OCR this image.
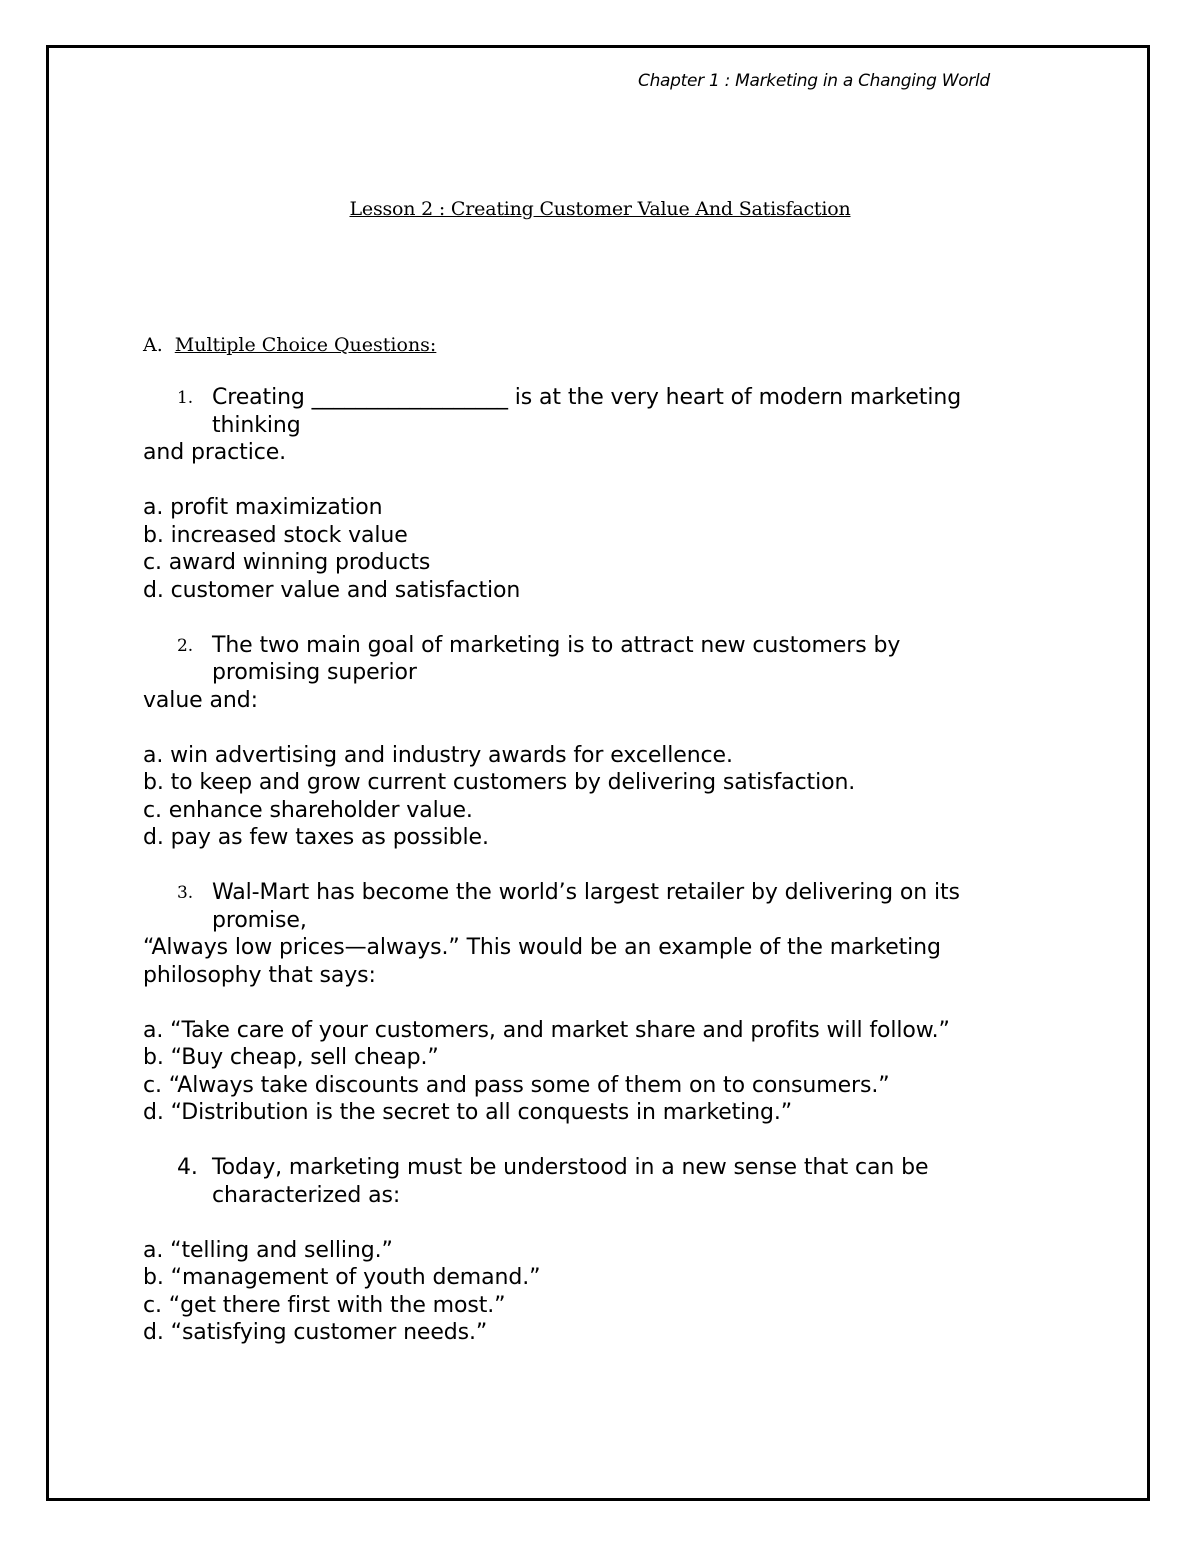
Chapter 1 : Marketing in a Changing World
Lesson 2 : Creating Customer Value And Satisfaction
A. Multiple Choice Questions:
1. Creating __________________ is at the very heart of modern marketing
thinking
and practice.
a. profit maximization
b. increased stock value
c. award winning products
d. customer value and satisfaction
2. The two main goal of marketing is to attract new customers by
promising superior
value and:
a. win advertising and industry awards for excellence.
b. to keep and grow current customers by delivering satisfaction.
c. enhance shareholder value.
d. pay as few taxes as possible.
3. Wal-Mart has become the world’s largest retailer by delivering on its
promise,
“Always low prices—always.” This would be an example of the marketing
philosophy that says:
a. “Take care of your customers, and market share and profits will follow.”
b. “Buy cheap, sell cheap.”
c. “Always take discounts and pass some of them on to consumers.”
d. “Distribution is the secret to all conquests in marketing.”
4. Today, marketing must be understood in a new sense that can be
characterized as:
a. “telling and selling.”
b. “management of youth demand.”
c. “get there first with the most.”
d. “satisfying customer needs.”
